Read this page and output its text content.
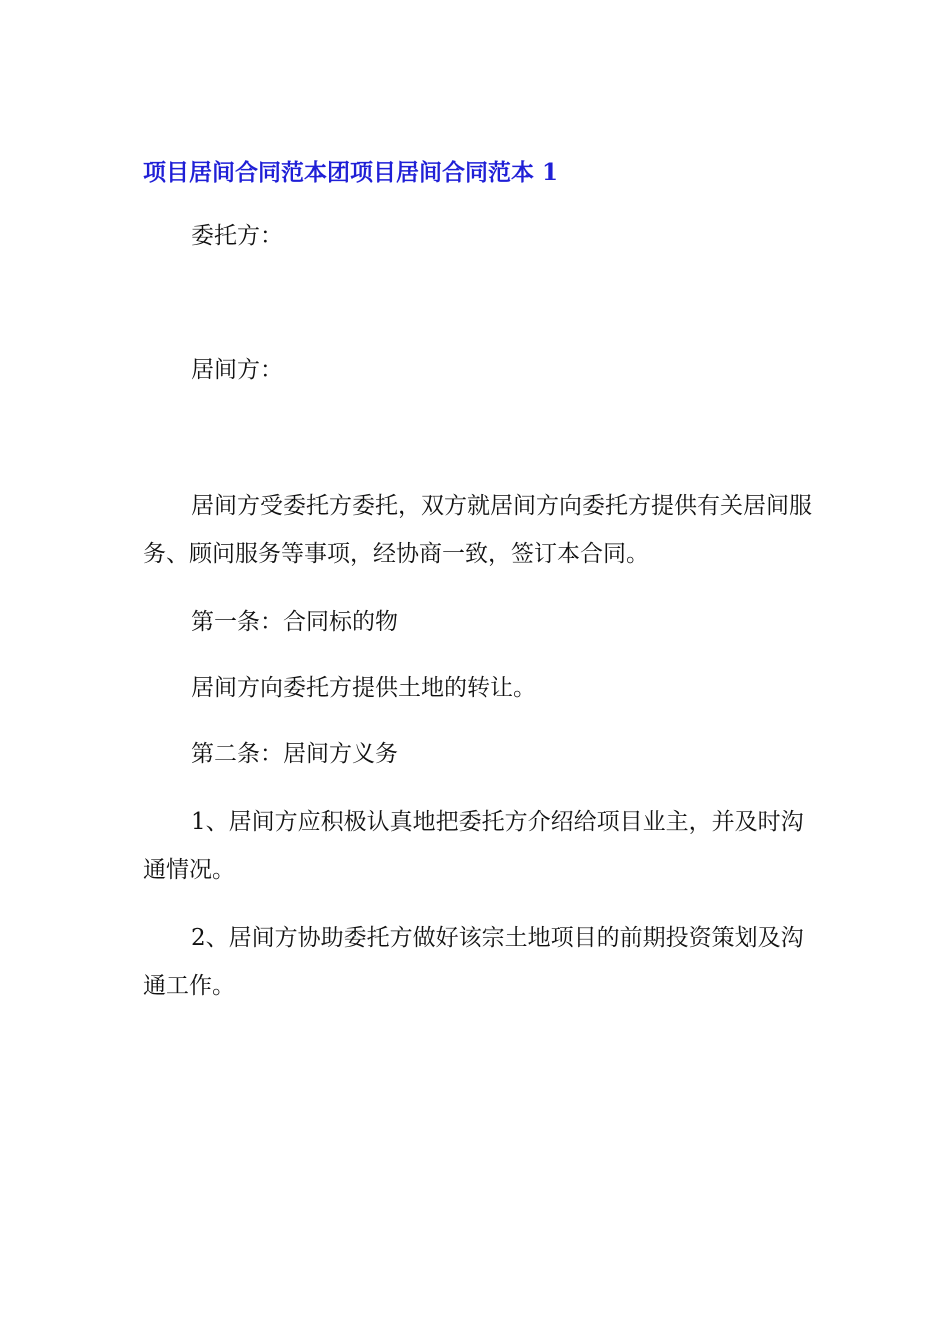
项目居间合同范本团项目居间合同范本 1

委托方：

居间方：

居间方受委托方委托，双方就居间方向委托方提供有关居间服务、顾问服务等事项，经协商一致，签订本合同。

第一条：合同标的物

居间方向委托方提供土地的转让。

第二条：居间方义务

1、居间方应积极认真地把委托方介绍给项目业主，并及时沟通情况。

2、居间方协助委托方做好该宗土地项目的前期投资策划及沟通工作。
